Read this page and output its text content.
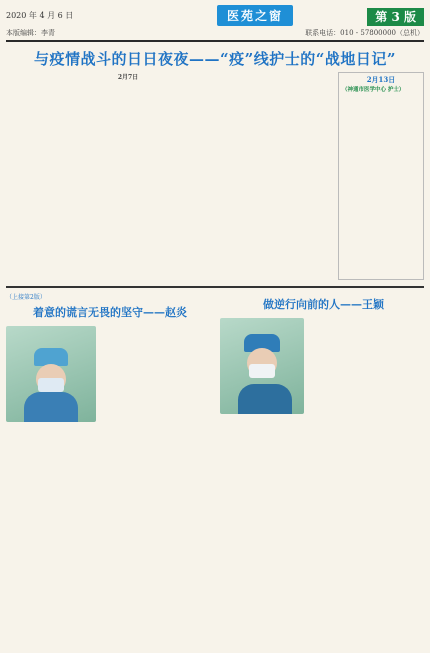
2020 年 4 月 6 日	医苑之窗	第 3 版
本版编辑：李青	联系电话：010 - 57800000（总机）
与疫情战斗的日日夜夜——“疫”线护士的“战地日记”
2月7日	2月13日
（神通市医学中心 护士）
（上接第2版）
着意的谎言无畏的坚守——赵炎
做逆行向前的人——王颖
